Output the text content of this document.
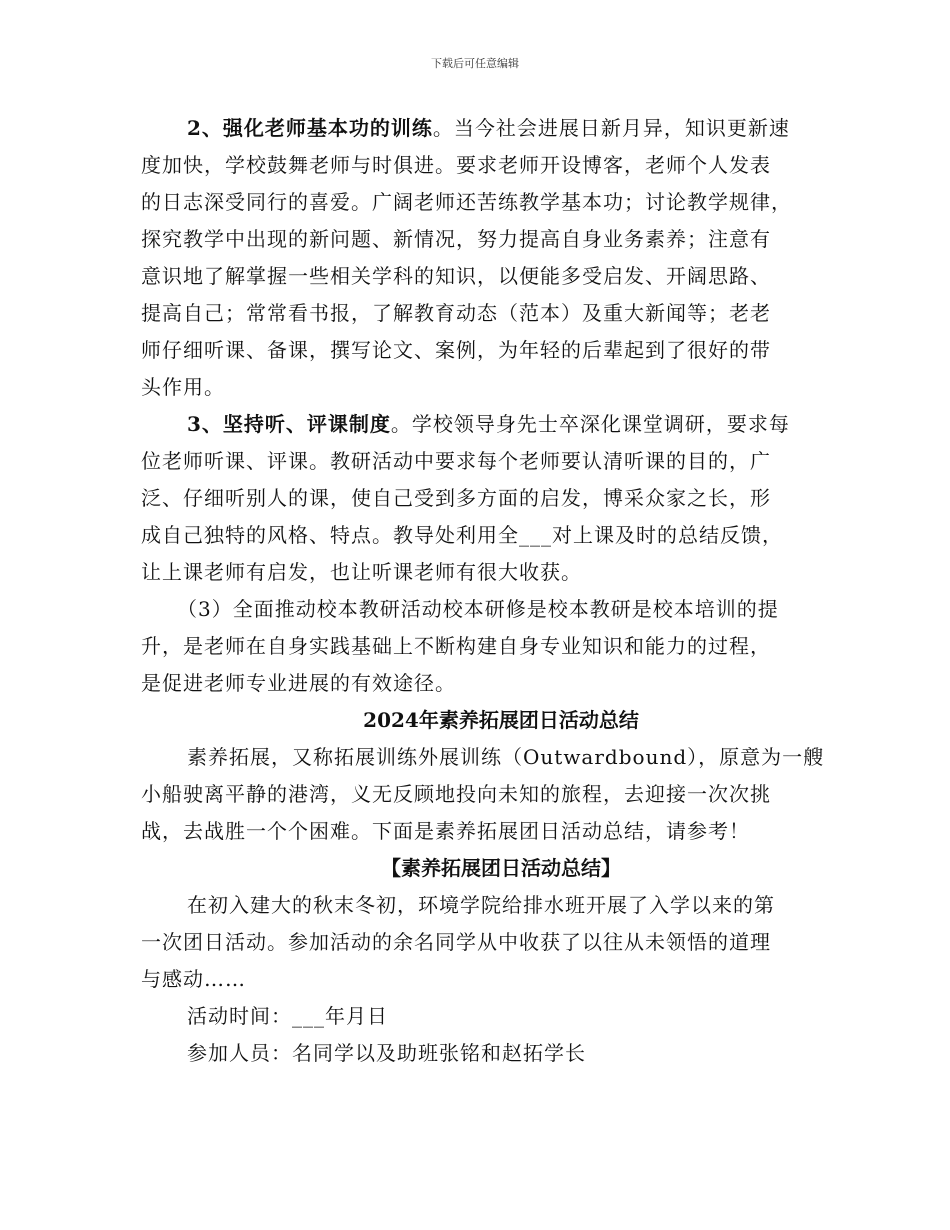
下载后可任意编辑
2、强化老师基本功的训练。当今社会进展日新月异，知识更新速
度加快，学校鼓舞老师与时俱进。要求老师开设博客，老师个人发表
的日志深受同行的喜爱。广阔老师还苦练教学基本功；讨论教学规律，
探究教学中出现的新问题、新情况，努力提高自身业务素养；注意有
意识地了解掌握一些相关学科的知识，以便能多受启发、开阔思路、
提高自己；常常看书报，了解教育动态（范本）及重大新闻等；老老
师仔细听课、备课，撰写论文、案例，为年轻的后辈起到了很好的带
头作用。
3、坚持听、评课制度。学校领导身先士卒深化课堂调研，要求每
位老师听课、评课。教研活动中要求每个老师要认清听课的目的，广
泛、仔细听别人的课，使自己受到多方面的启发，博采众家之长，形
成自己独特的风格、特点。教导处利用全___对上课及时的总结反馈，
让上课老师有启发，也让听课老师有很大收获。
（3）全面推动校本教研活动校本研修是校本教研是校本培训的提
升，是老师在自身实践基础上不断构建自身专业知识和能力的过程，
是促进老师专业进展的有效途径。
2024年素养拓展团日活动总结
素养拓展，又称拓展训练外展训练（Outwardbound），原意为一艘
小船驶离平静的港湾，义无反顾地投向未知的旅程，去迎接一次次挑
战，去战胜一个个困难。下面是素养拓展团日活动总结，请参考！
【素养拓展团日活动总结】
在初入建大的秋末冬初，环境学院给排水班开展了入学以来的第
一次团日活动。参加活动的余名同学从中收获了以往从未领悟的道理
与感动……
活动时间：___年月日
参加人员：名同学以及助班张铭和赵拓学长
